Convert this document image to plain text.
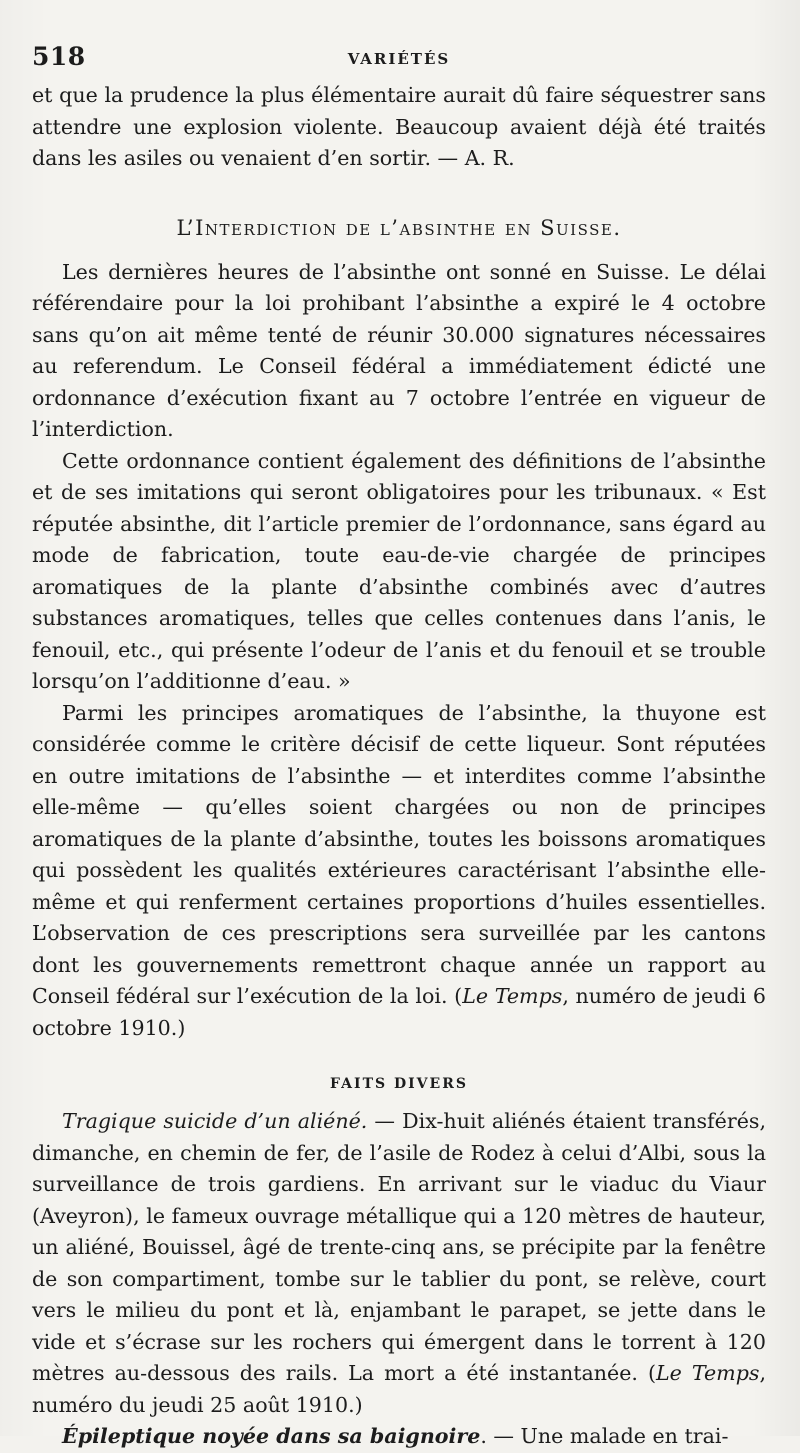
518	VARIÉTÉS

et que la prudence la plus élémentaire aurait dû faire séquestrer sans attendre une explosion violente. Beaucoup avaient déjà été traités dans les asiles ou venaient d’en sortir. — A. R.

L’Interdiction de l’absinthe en Suisse.

Les dernières heures de l’absinthe ont sonné en Suisse. Le délai référendaire pour la loi prohibant l’absinthe a expiré le 4 octobre sans qu’on ait même tenté de réunir 30.000 signatures nécessaires au referendum. Le Conseil fédéral a immédiatement édicté une ordonnance d’exécution fixant au 7 octobre l’entrée en vigueur de l’interdiction.

Cette ordonnance contient également des définitions de l’absinthe et de ses imitations qui seront obligatoires pour les tribunaux. « Est réputée absinthe, dit l’article premier de l’ordonnance, sans égard au mode de fabrication, toute eau-de-vie chargée de principes aromatiques de la plante d’absinthe combinés avec d’autres substances aromatiques, telles que celles contenues dans l’anis, le fenouil, etc., qui présente l’odeur de l’anis et du fenouil et se trouble lorsqu’on l’additionne d’eau. »

Parmi les principes aromatiques de l’absinthe, la thuyone est considérée comme le critère décisif de cette liqueur. Sont réputées en outre imitations de l’absinthe — et interdites comme l’absinthe elle-même — qu’elles soient chargées ou non de principes aromatiques de la plante d’absinthe, toutes les boissons aromatiques qui possèdent les qualités extérieures caractérisant l’absinthe elle-même et qui renferment certaines proportions d’huiles essentielles. L’observation de ces prescriptions sera surveillée par les cantons dont les gouvernements remettront chaque année un rapport au Conseil fédéral sur l’exécution de la loi. (Le Temps, numéro de jeudi 6 octobre 1910.)

FAITS DIVERS

Tragique suicide d’un aliéné. — Dix-huit aliénés étaient transférés, dimanche, en chemin de fer, de l’asile de Rodez à celui d’Albi, sous la surveillance de trois gardiens. En arrivant sur le viaduc du Viaur (Aveyron), le fameux ouvrage métallique qui a 120 mètres de hauteur, un aliéné, Bouissel, âgé de trente-cinq ans, se précipite par la fenêtre de son compartiment, tombe sur le tablier du pont, se relève, court vers le milieu du pont et là, enjambant le parapet, se jette dans le vide et s’écrase sur les rochers qui émergent dans le torrent à 120 mètres au-dessous des rails. La mort a été instantanée. (Le Temps, numéro du jeudi 25 août 1910.)

Épileptique noyée dans sa baignoire. — Une malade en trai-
